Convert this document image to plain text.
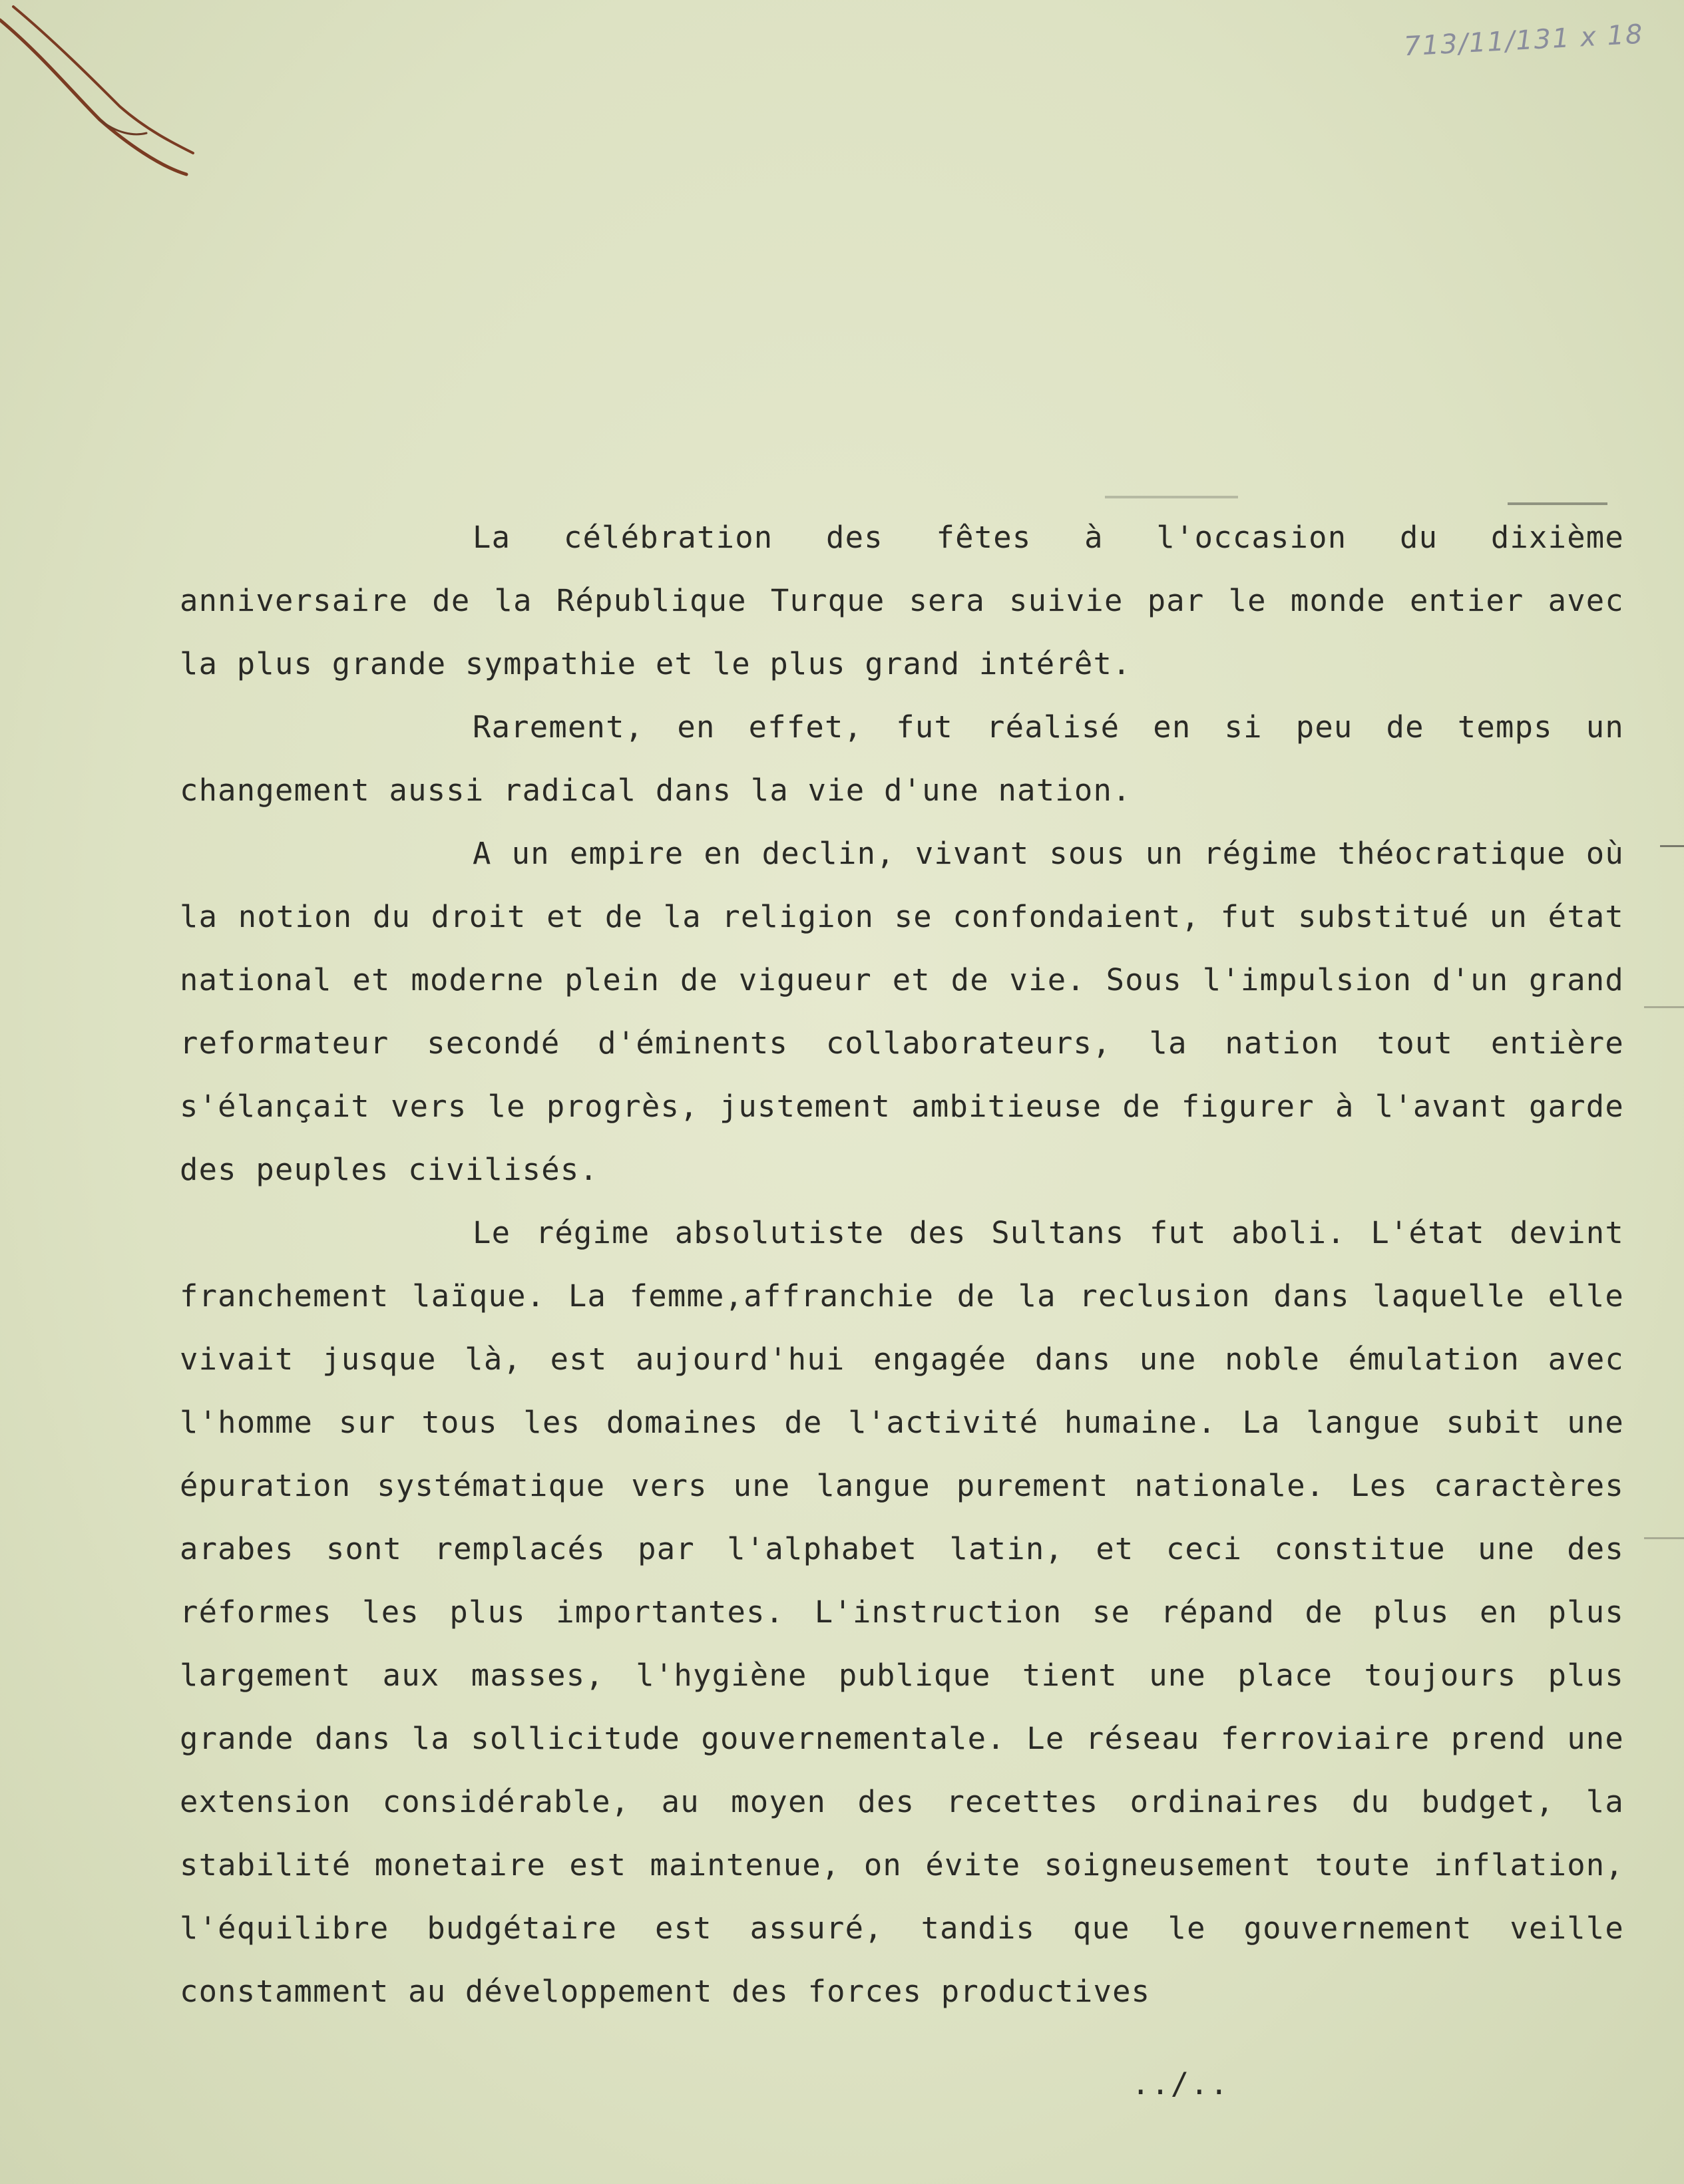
713/11/131 x 18

La célébration des fêtes à l'occasion du dixième anniversaire de la République Turque sera suivie par le monde entier avec la plus grande sympathie et le plus grand intérêt.

Rarement, en effet, fut réalisé en si peu de temps un changement aussi radical dans la vie d'une nation.

A un empire en declin, vivant sous un régime théocratique où la notion du droit et de la religion se confondaient, fut substitué un état national et moderne plein de vigueur et de vie. Sous l'impulsion d'un grand reformateur secondé d'éminents collaborateurs, la nation tout entière s'élançait vers le progrès, justement ambitieuse de figurer à l'avant garde des peuples civilisés.

Le régime absolutiste des Sultans fut aboli. L'état devint franchement laïque. La femme,affranchie de la reclusion dans laquelle elle vivait jusque là, est aujourd'hui engagée dans une noble émulation avec l'homme sur tous les domaines de l'activité humaine. La langue subit une épuration systématique vers une langue purement nationale. Les caractères arabes sont remplacés par l'alphabet latin, et ceci constitue une des réformes les plus importantes. L'instruction se répand de plus en plus largement aux masses, l'hygiène publique tient une place toujours plus grande dans la sollicitude gouvernementale. Le réseau ferroviaire prend une extension considérable, au moyen des recettes ordinaires du budget, la stabilité monetaire est maintenue, on évite soigneusement toute inflation, l'équilibre budgétaire est assuré, tandis que le gouvernement veille constamment au développement des forces productives

../..
